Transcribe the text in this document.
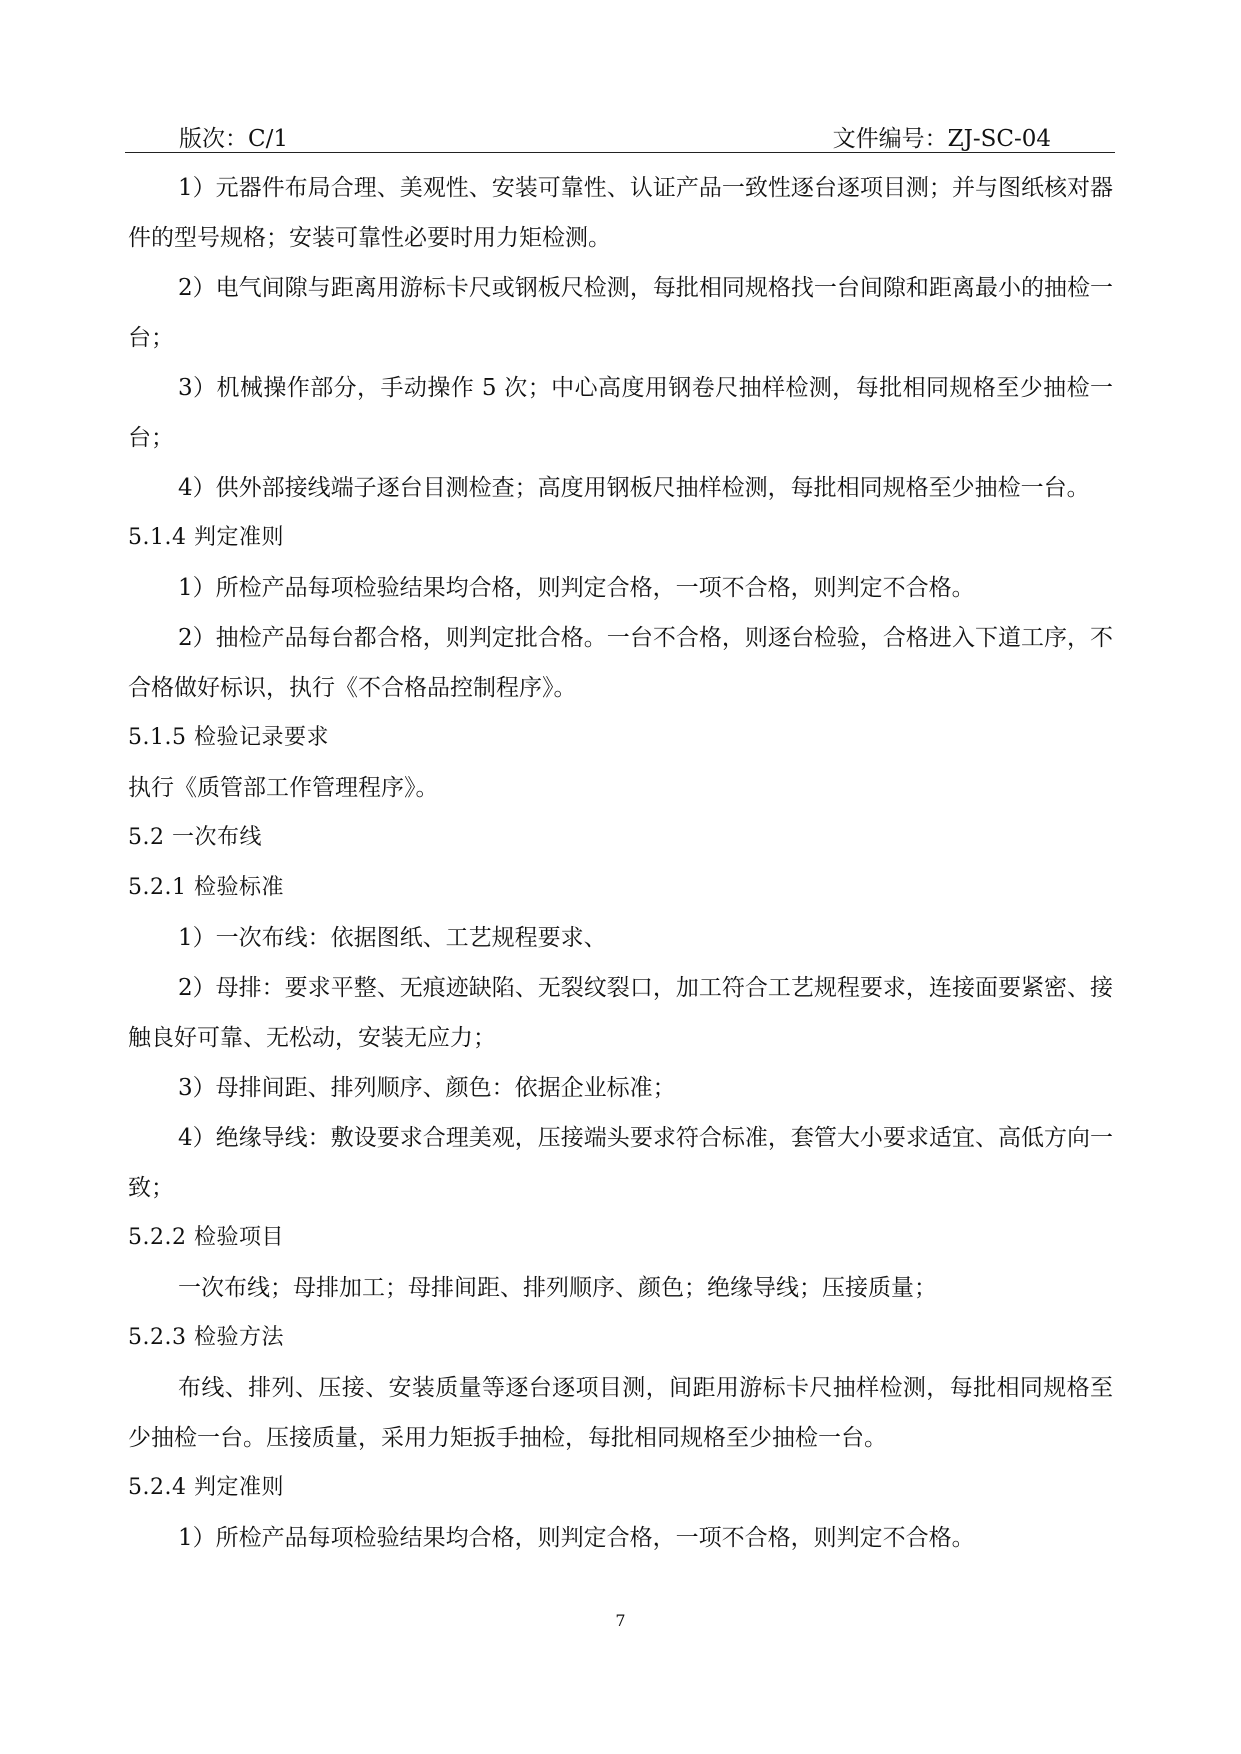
版次：C/1	文件编号：ZJ-SC-04

1）元器件布局合理、美观性、安装可靠性、认证产品一致性逐台逐项目测；并与图纸核对器件的型号规格；安装可靠性必要时用力矩检测。

2）电气间隙与距离用游标卡尺或钢板尺检测，每批相同规格找一台间隙和距离最小的抽检一台；

3）机械操作部分，手动操作 5 次；中心高度用钢卷尺抽样检测，每批相同规格至少抽检一台；

4）供外部接线端子逐台目测检查；高度用钢板尺抽样检测，每批相同规格至少抽检一台。

5.1.4 判定准则

1）所检产品每项检验结果均合格，则判定合格，一项不合格，则判定不合格。

2）抽检产品每台都合格，则判定批合格。一台不合格，则逐台检验，合格进入下道工序，不合格做好标识，执行《不合格品控制程序》。

5.1.5 检验记录要求

执行《质管部工作管理程序》。

5.2 一次布线

5.2.1 检验标准

1）一次布线：依据图纸、工艺规程要求、

2）母排：要求平整、无痕迹缺陷、无裂纹裂口，加工符合工艺规程要求，连接面要紧密、接触良好可靠、无松动，安装无应力；

3）母排间距、排列顺序、颜色：依据企业标准；

4）绝缘导线：敷设要求合理美观，压接端头要求符合标准，套管大小要求适宜、高低方向一致；

5.2.2 检验项目

一次布线；母排加工；母排间距、排列顺序、颜色；绝缘导线；压接质量；

5.2.3 检验方法

布线、排列、压接、安装质量等逐台逐项目测，间距用游标卡尺抽样检测，每批相同规格至少抽检一台。压接质量，采用力矩扳手抽检，每批相同规格至少抽检一台。

5.2.4 判定准则

1）所检产品每项检验结果均合格，则判定合格，一项不合格，则判定不合格。

7
